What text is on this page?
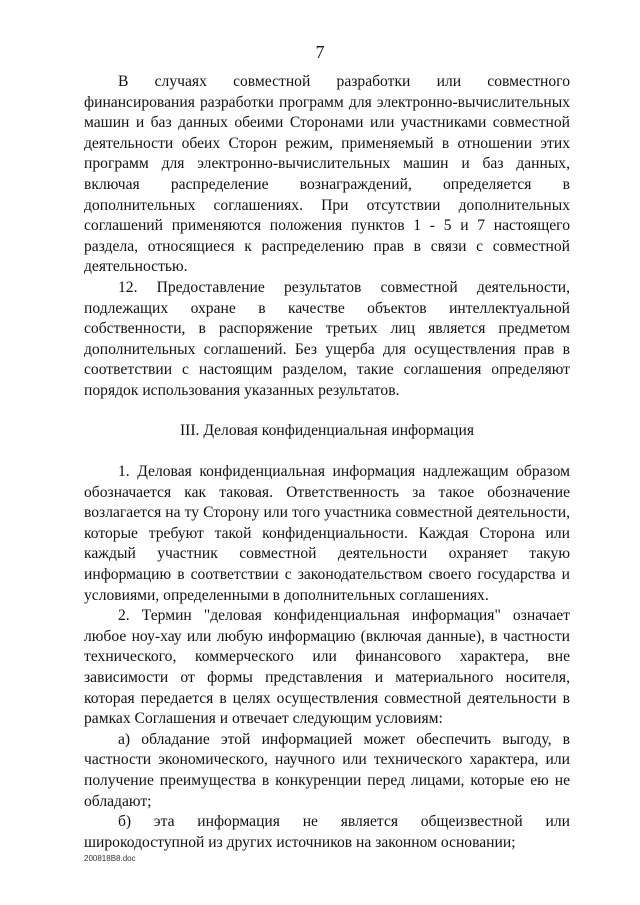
7

В случаях совместной разработки или совместного финансирования разработки программ для электронно-вычислительных машин и баз данных обеими Сторонами или участниками совместной деятельности обеих Сторон режим, применяемый в отношении этих программ для электронно-вычислительных машин и баз данных, включая распределение вознаграждений, определяется в дополнительных соглашениях. При отсутствии дополнительных соглашений применяются положения пунктов 1 - 5 и 7 настоящего раздела, относящиеся к распределению прав в связи с совместной деятельностью.

12. Предоставление результатов совместной деятельности, подлежащих охране в качестве объектов интеллектуальной собственности, в распоряжение третьих лиц является предметом дополнительных соглашений. Без ущерба для осуществления прав в соответствии с настоящим разделом, такие соглашения определяют порядок использования указанных результатов.

III. Деловая конфиденциальная информация

1. Деловая конфиденциальная информация надлежащим образом обозначается как таковая. Ответственность за такое обозначение возлагается на ту Сторону или того участника совместной деятельности, которые требуют такой конфиденциальности. Каждая Сторона или каждый участник совместной деятельности охраняет такую информацию в соответствии с законодательством своего государства и условиями, определенными в дополнительных соглашениях.

2. Термин "деловая конфиденциальная информация" означает любое ноу-хау или любую информацию (включая данные), в частности технического, коммерческого или финансового характера, вне зависимости от формы представления и материального носителя, которая передается в целях осуществления совместной деятельности в рамках Соглашения и отвечает следующим условиям:

а) обладание этой информацией может обеспечить выгоду, в частности экономического, научного или технического характера, или получение преимущества в конкуренции перед лицами, которые ею не обладают;

б) эта информация не является общеизвестной или широкодоступной из других источников на законном основании;

200818B8.doc
